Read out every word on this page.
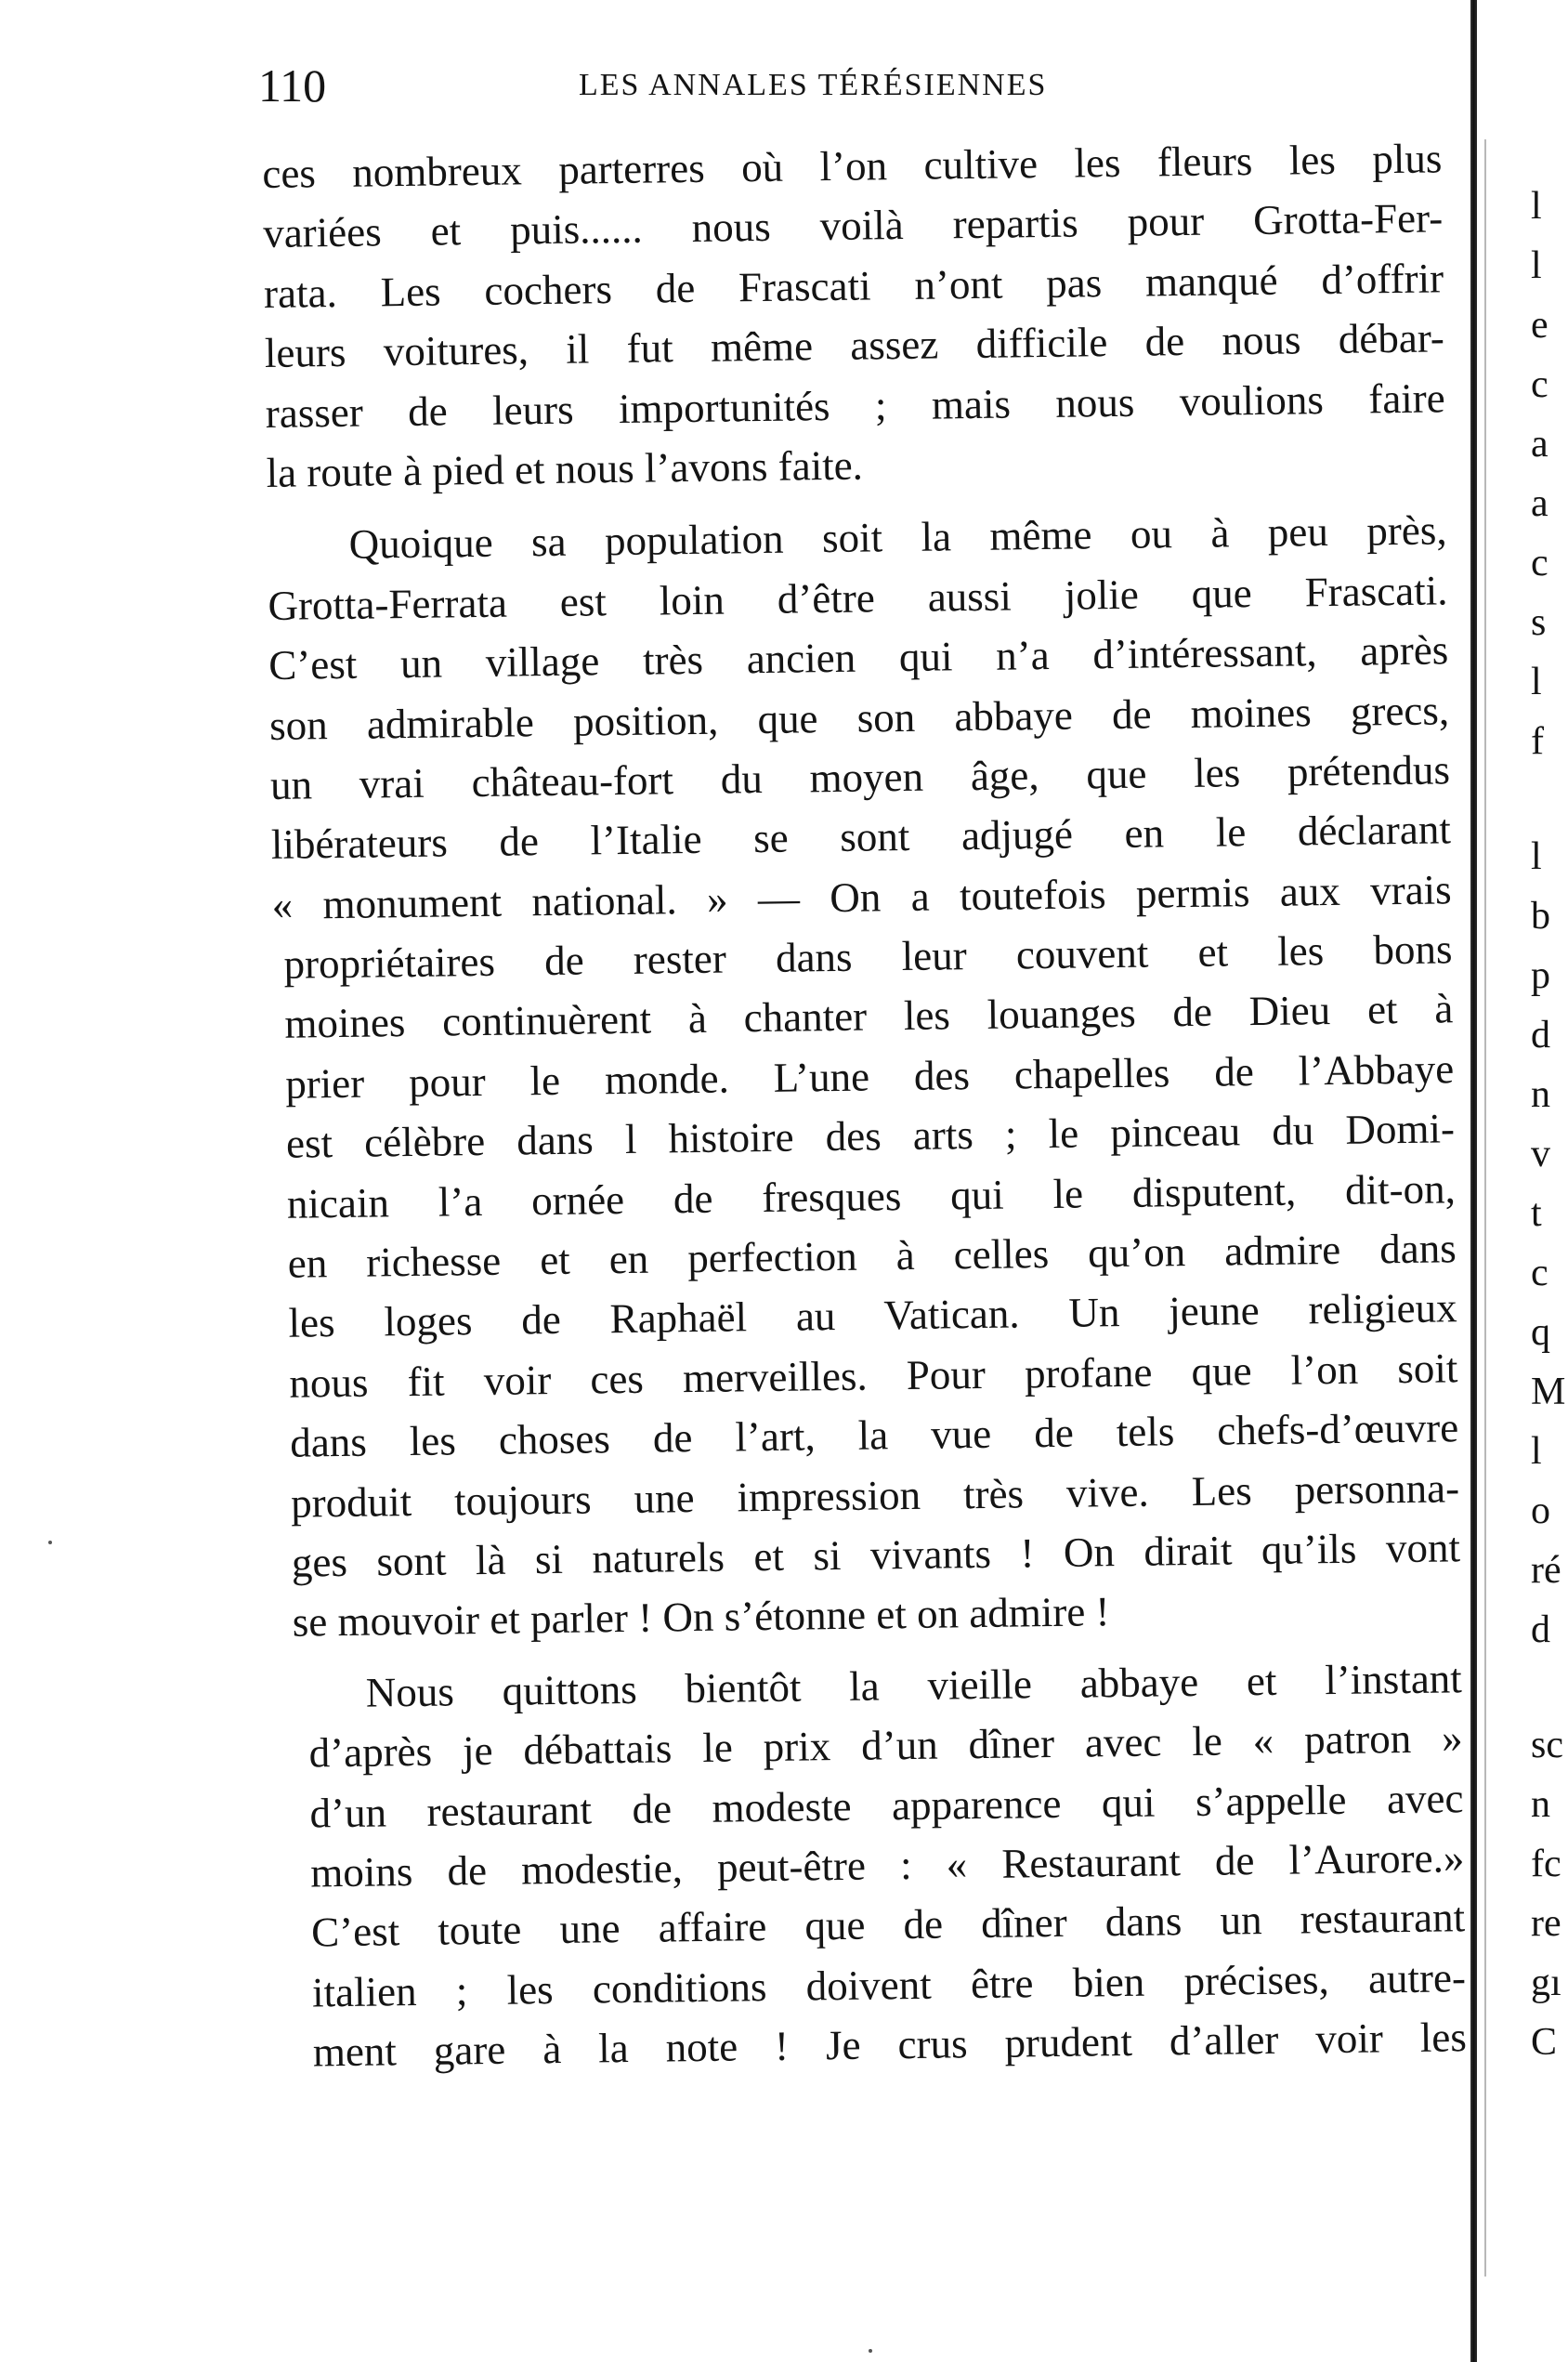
110	LES ANNALES TÉRÉSIENNES
ces nombreux parterres où l’on cultive les fleurs les plus
variées et puis...... nous voilà repartis pour Grotta-Fer-
rata. Les cochers de Frascati n’ont pas manqué d’offrir
leurs voitures, il fut même assez difficile de nous débar-
rasser de leurs importunités ; mais nous voulions faire
la route à pied et nous l’avons faite.
Quoique sa population soit la même ou à peu près,
Grotta-Ferrata est loin d’être aussi jolie que Frascati.
C’est un village très ancien qui n’a d’intéressant, après
son admirable position, que son abbaye de moines grecs,
un vrai château-fort du moyen âge, que les prétendus
libérateurs de l’Italie se sont adjugé en le déclarant
« monument national. » — On a toutefois permis aux vrais
propriétaires de rester dans leur couvent et les bons
moines continuèrent à chanter les louanges de Dieu et à
prier pour le monde. L’une des chapelles de l’Abbaye
est célèbre dans l histoire des arts ; le pinceau du Domi-
nicain l’a ornée de fresques qui le disputent, dit-on,
en richesse et en perfection à celles qu’on admire dans
les loges de Raphaël au Vatican. Un jeune religieux
nous fit voir ces merveilles. Pour profane que l’on soit
dans les choses de l’art, la vue de tels chefs-d’œuvre
produit toujours une impression très vive. Les personna-
ges sont là si naturels et si vivants ! On dirait qu’ils vont
se mouvoir et parler ! On s’étonne et on admire !
Nous quittons bientôt la vieille abbaye et l’instant
d’après je débattais le prix d’un dîner avec le « patron »
d’un restaurant de modeste apparence qui s’appelle avec
moins de modestie, peut-être : « Restaurant de l’Aurore.»
C’est toute une affaire que de dîner dans un restaurant
italien ; les conditions doivent être bien précises, autre-
ment gare à la note ! Je crus prudent d’aller voir les
l
l
e
c
a
a
c
s
l
f
l
b
p
d
n
v
t
c
q
M
l
o
ré
d
sc
n
fc
re
gı
C
